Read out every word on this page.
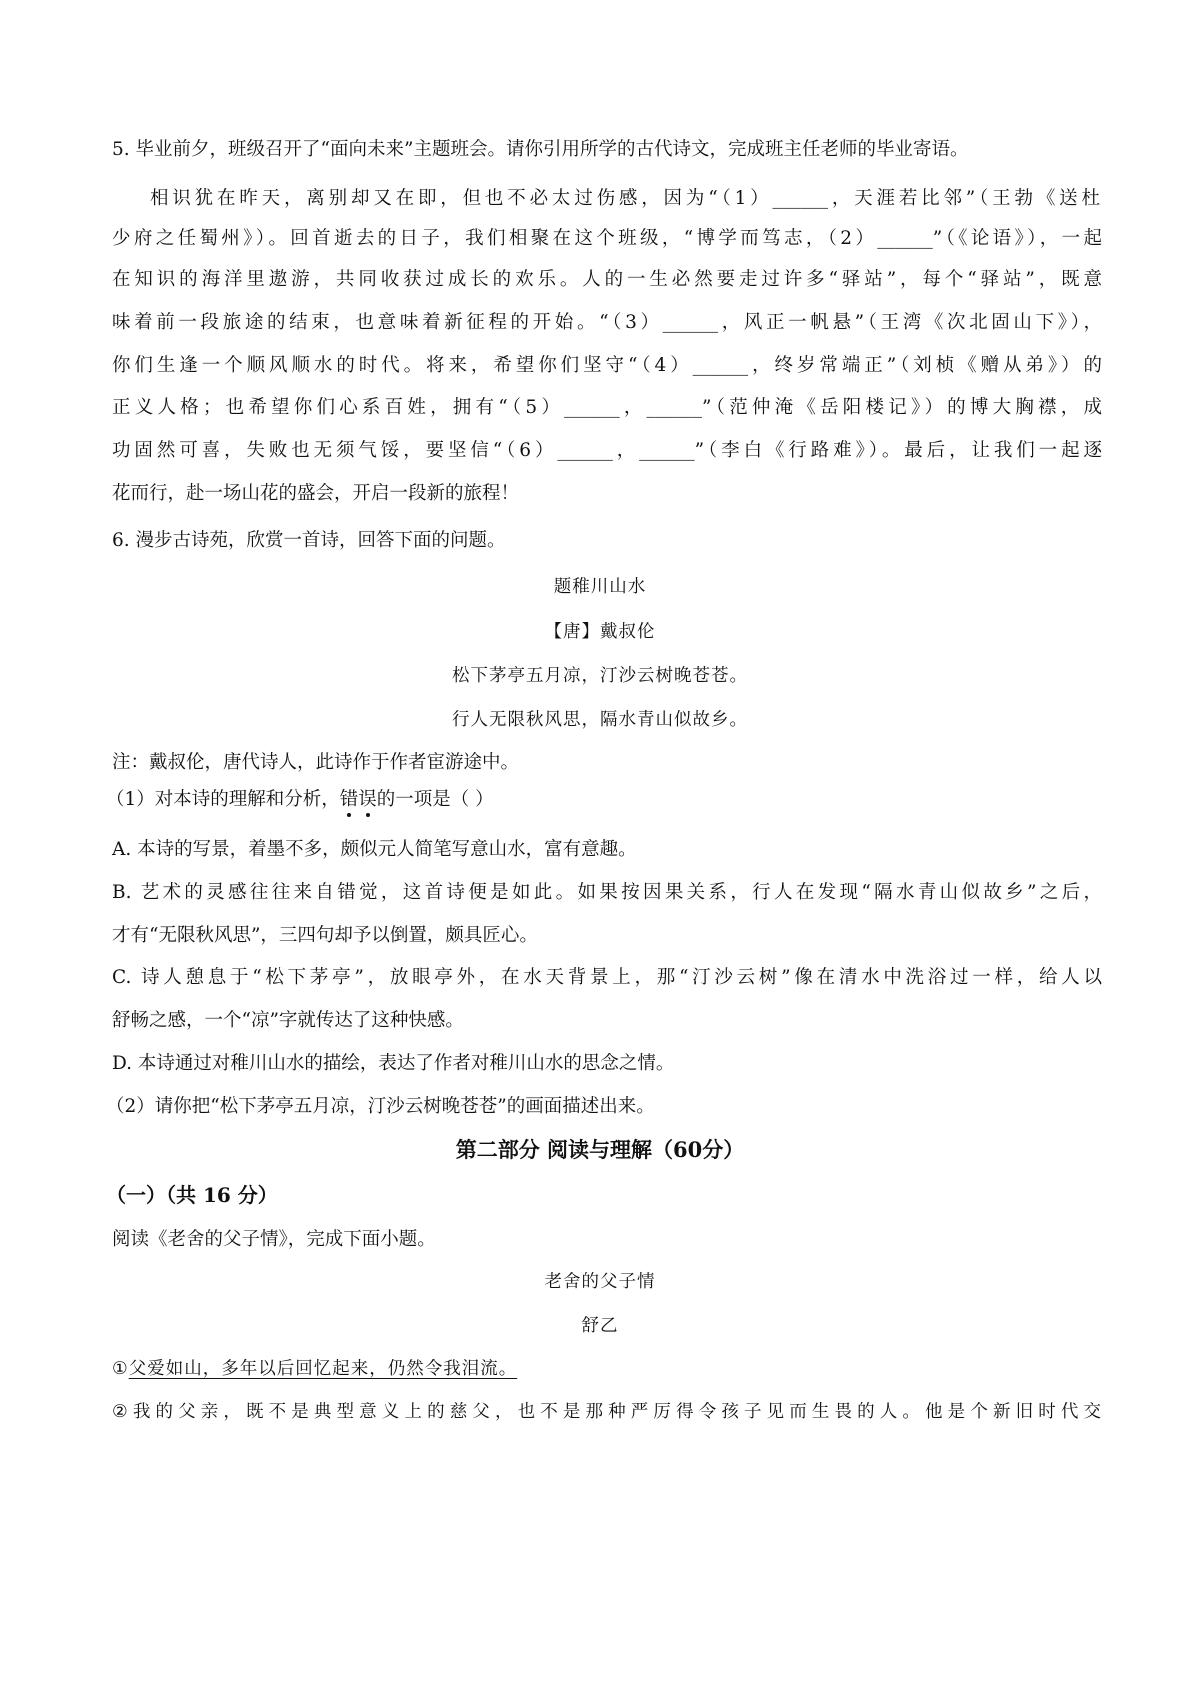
5. 毕业前夕，班级召开了“面向未来”主题班会。请你引用所学的古代诗文，完成班主任老师的毕业寄语。
相识犹在昨天，离别却又在即，但也不必太过伤感，因为“（1）______，天涯若比邻”（王勃《送杜
少府之任蜀州》）。回首逝去的日子，我们相聚在这个班级，“博学而笃志，（2）______”（《论语》），一起
在知识的海洋里遨游，共同收获过成长的欢乐。人的一生必然要走过许多“驿站”，每个“驿站”，既意
味着前一段旅途的结束，也意味着新征程的开始。“（3）______，风正一帆悬”（王湾《次北固山下》），
你们生逢一个顺风顺水的时代。将来，希望你们坚守“（4）______，终岁常端正”（刘桢《赠从弟》）的
正义人格；也希望你们心系百姓，拥有“（5）______，______”（范仲淹《岳阳楼记》）的博大胸襟，成
功固然可喜，失败也无须气馁，要坚信“（6）______，______”（李白《行路难》）。最后，让我们一起逐
花而行，赴一场山花的盛会，开启一段新的旅程！
6. 漫步古诗苑，欣赏一首诗，回答下面的问题。
题稚川山水
【唐】戴叔伦
松下茅亭五月凉，汀沙云树晚苍苍。
行人无限秋风思，隔水青山似故乡。
注：戴叔伦，唐代诗人，此诗作于作者宦游途中。
（1）对本诗的理解和分析，错误
的一项是（ ）
A. 本诗的写景，着墨不多，颇似元人简笔写意山水，富有意趣。
B. 艺术的灵感往往来自错觉，这首诗便是如此。如果按因果关系，行人在发现“隔水青山似故乡”之后，
才有“无限秋风思”，三四句却予以倒置，颇具匠心。
C. 诗人憩息于“松下茅亭”，放眼亭外，在水天背景上，那“汀沙云树”像在清水中洗浴过一样，给人以
舒畅之感，一个“凉”字就传达了这种快感。
D. 本诗通过对稚川山水的描绘，表达了作者对稚川山水的思念之情。
（2）请你把“松下茅亭五月凉，汀沙云树晚苍苍”的画面描述出来。
第二部分 阅读与理解（60分）
（一）（共 16 分）
阅读《老舍的父子情》，完成下面小题。
老舍的父子情
舒乙
①父爱如山，多年以后回忆起来，仍然令我泪流。
②我的父亲，既不是典型意义上的慈父，也不是那种严厉得令孩子见而生畏的人。他是个新旧时代交
